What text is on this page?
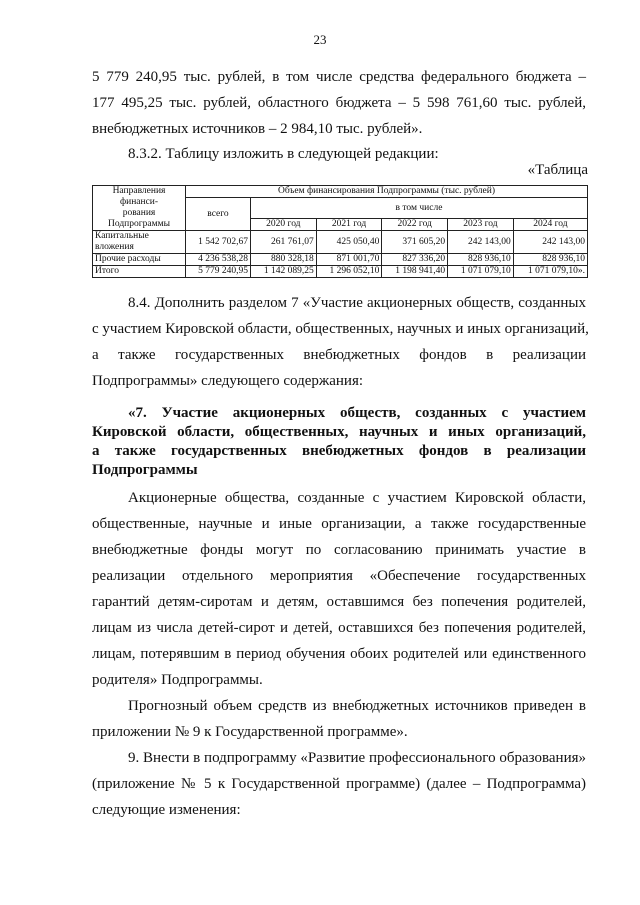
23
5 779 240,95 тыс. рублей, в том числе средства федерального бюджета –
177 495,25 тыс. рублей, областного бюджета – 5 598 761,60 тыс. рублей,
внебюджетных источников – 2 984,10 тыс. рублей».
8.3.2. Таблицу изложить в следующей редакции:
«Таблица
Направления
финанси-
рования
Подпрограммы	Объем финансирования Подпрограммы (тыс. рублей)					
	всего	в том числе				
		2020 год	2021 год	2022 год	2023 год	2024 год
Капитальные
вложения	1 542 702,67	261 761,07	425 050,40	371 605,20	242 143,00	242 143,00
Прочие расходы	4 236 538,28	880 328,18	871 001,70	827 336,20	828 936,10	828 936,10
Итого	5 779 240,95	1 142 089,25	1 296 052,10	1 198 941,40	1 071 079,10	1 071 079,10».
8.4. Дополнить разделом 7 «Участие акционерных обществ, созданных
с участием Кировской области, общественных, научных и иных организаций,
а также государственных внебюджетных фондов в реализации
Подпрограммы» следующего содержания:
«7. Участие акционерных обществ, созданных с участием
Кировской области, общественных, научных и иных организаций,
а также государственных внебюджетных фондов в реализации
Подпрограммы
Акционерные общества, созданные с участием Кировской области,
общественные, научные и иные организации, а также государственные
внебюджетные фонды могут по согласованию принимать участие в
реализации отдельного мероприятия «Обеспечение государственных
гарантий детям-сиротам и детям, оставшимся без попечения родителей,
лицам из числа детей-сирот и детей, оставшихся без попечения родителей,
лицам, потерявшим в период обучения обоих родителей или единственного
родителя» Подпрограммы.
Прогнозный объем средств из внебюджетных источников приведен в
приложении № 9 к Государственной программе».
9. Внести в подпрограмму «Развитие профессионального образования»
(приложение № 5 к Государственной программе) (далее – Подпрограмма)
следующие изменения:
